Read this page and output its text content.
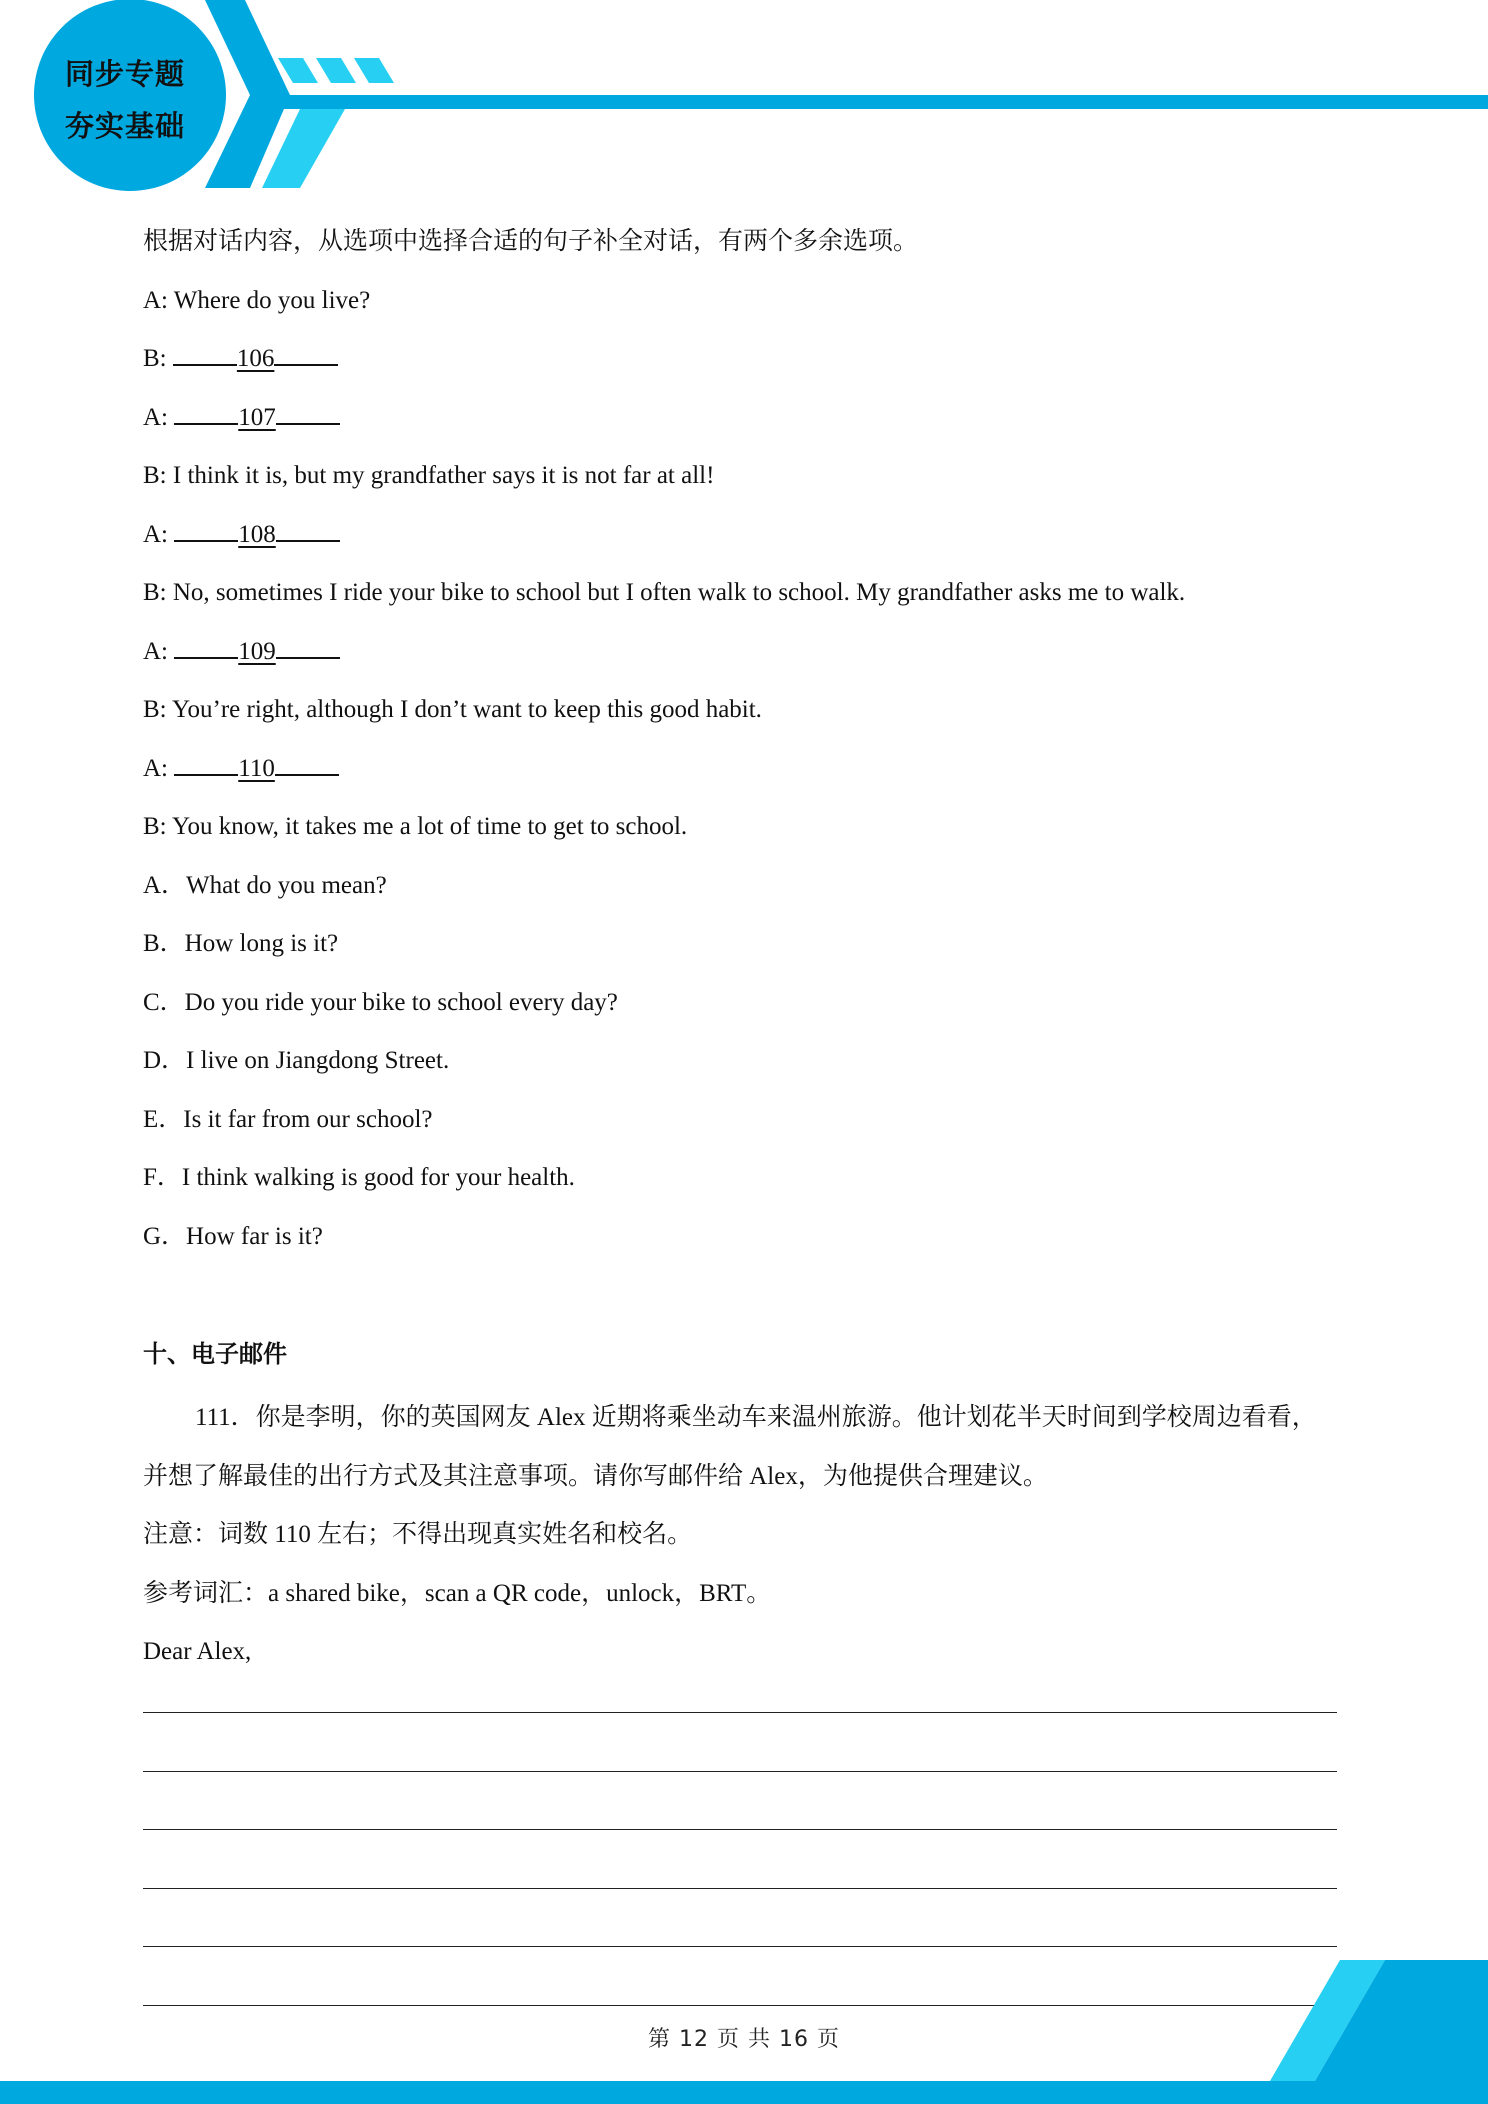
同步专题
夯实基础
根据对话内容，从选项中选择合适的句子补全对话，有两个多余选项。
A: Where do you live?
B:	106
A:	107
B: I think it is, but my grandfather says it is not far at all!
A:	108
B: No, sometimes I ride your bike to school but I often walk to school. My grandfather asks me to walk.
A:	109
B: You’re right, although I don’t want to keep this good habit.
A:	110
B: You know, it takes me a lot of time to get to school.
A．What do you mean?
B．How long is it?
C．Do you ride your bike to school every day?
D．I live on Jiangdong Street.
E．Is it far from our school?
F．I think walking is good for your health.
G．How far is it?
十、电子邮件
111．你是李明，你的英国网友 Alex 近期将乘坐动车来温州旅游。他计划花半天时间到学校周边看看，
并想了解最佳的出行方式及其注意事项。请你写邮件给 Alex，为他提供合理建议。
注意：词数 110 左右；不得出现真实姓名和校名。
参考词汇：a shared bike，scan a QR code，unlock，BRT。
Dear Alex,
第 12 页 共 16 页
